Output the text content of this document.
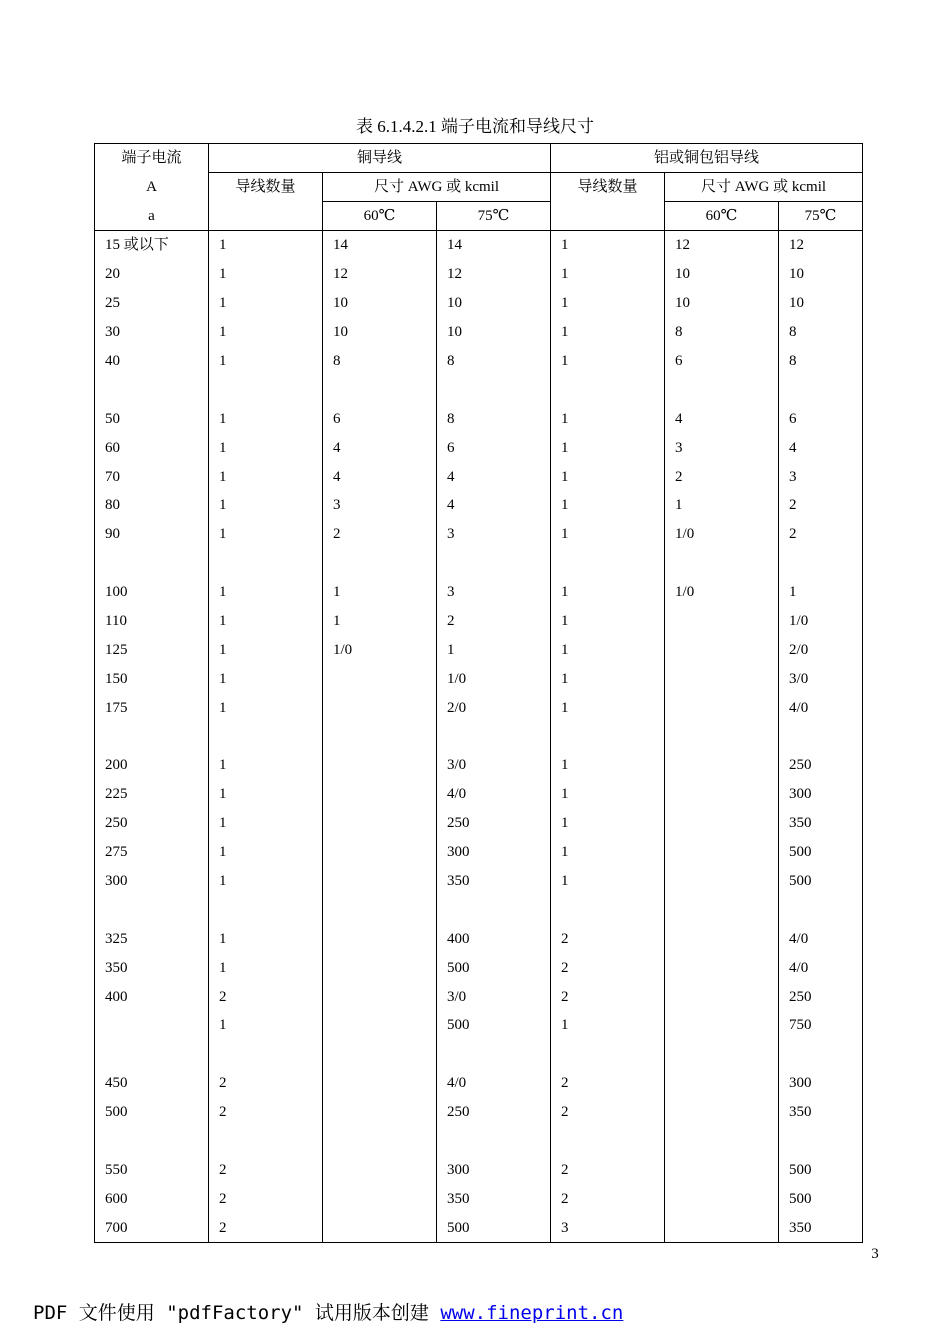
表 6.1.4.2.1 端子电流和导线尺寸
端子电流	铜导线			铝或铜包铝导线		
A	导线数量	尺寸 AWG 或 kcmil		导线数量	尺寸 AWG 或 kcmil	
a		60℃	75℃		60℃	75℃
15 或以下	1	14	14	1	12	12
20	1	12	12	1	10	10
25	1	10	10	1	10	10
30	1	10	10	1	8	8
40	1	8	8	1	6	8

50	1	6	8	1	4	6
60	1	4	6	1	3	4
70	1	4	4	1	2	3
80	1	3	4	1	1	2
90	1	2	3	1	1/0	2

100	1	1	3	1	1/0	1
110	1	1	2	1		1/0
125	1	1/0	1	1		2/0
150	1		1/0	1		3/0
175	1		2/0	1		4/0

200	1		3/0	1		250
225	1		4/0	1		300
250	1		250	1		350
275	1		300	1		500
300	1		350	1		500

325	1		400	2		4/0
350	1		500	2		4/0
400	2		3/0	2		250
	1		500	1		750

450	2		4/0	2		300
500	2		250	2		350

550	2		300	2		500
600	2		350	2		500
700	2		500	3		350
3
PDF 文件使用 "pdfFactory" 试用版本创建 www.fineprint.cn
